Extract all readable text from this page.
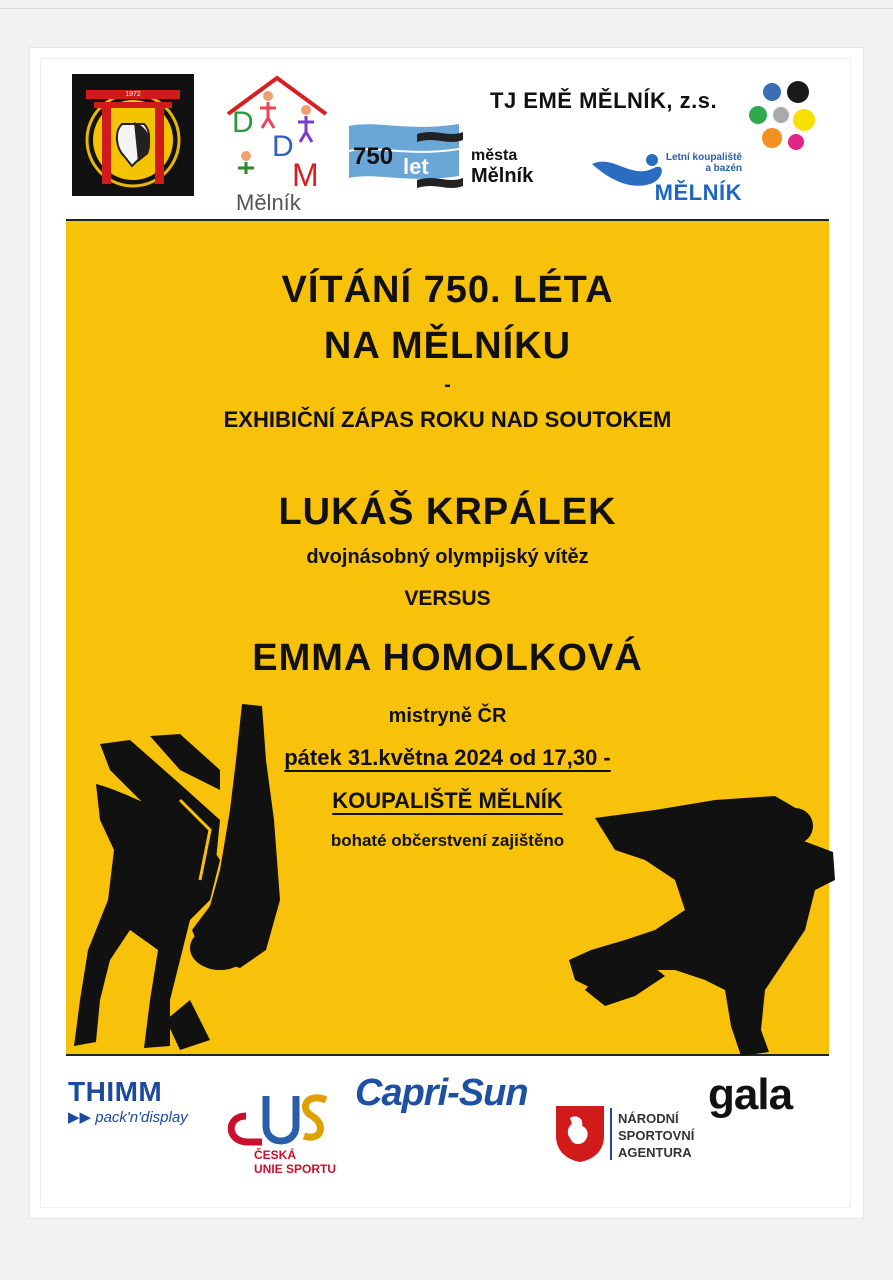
1972
D
D
M
Mělník
750 let	města
Mělník
TJ EMĚ MĚLNÍK, z.s.
Letní koupaliště
a bazén
MĚLNÍK
VÍTÁNÍ 750. LÉTA
NA MĚLNÍKU
-
EXHIBIČNÍ ZÁPAS ROKU NAD SOUTOKEM
LUKÁŠ KRPÁLEK
dvojnásobný olympijský vítěz
VERSUS
EMMA HOMOLKOVÁ
mistryně ČR
pátek 31.května 2024 od 17,30 -
KOUPALIŠTĚ MĚLNÍK
bohaté občerstvení zajištěno
THIMM
▶▶ pack'n'display
ČESKÁ
UNIE SPORTU
Capri-Sun
NÁRODNÍ
SPORTOVNÍ
AGENTURA
gala
